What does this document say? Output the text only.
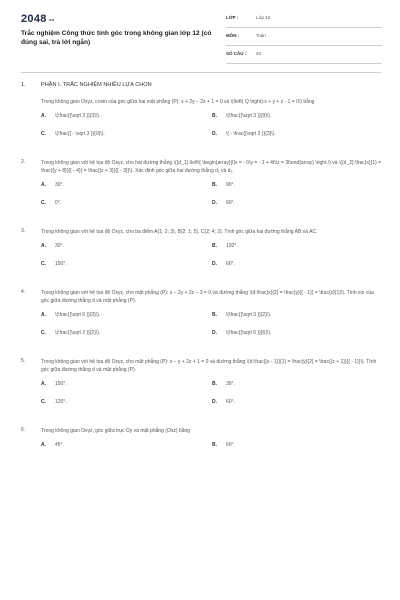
2048.vn
Trắc nghiệm Công thức tính góc trong không gian lớp 12 (có đúng sai, trả lời ngắn)
LỚP :	Lớp 12
MÔN :	Toán
SỐ CÂU : 20
1.	PHẦN I. TRẮC NGHIỆM NHIỀU LỰA CHỌN
Trong không gian Oxyz, cosin của góc giữa hai mặt phẳng (P): x + 2y − 2z + 1 = 0 và \(\left( Q \right):x + y + z - 1 = 0\) bằng
A. \(\frac{{\sqrt 3 }}{3}\).	B. \(\frac{{\sqrt 3 }}{9}\).
C. \(\frac{{ - \sqrt 3 }}{9}\).	D. \( - \frac{{\sqrt 3 }}{3}\).
2.	Trong không gian với hệ tọa độ Oxyz, cho hai đường thẳng \({d_1}:\left\{ \begin{array}{l}x = - t\\y = - 1 + 4t\\z = 3t\end{array} \right.\) và \({d_2}:\frac{x}{1} = \frac{{y + 8}}{{ - 4}} = \frac{{z + 3}}{{ - 3}}\). Xác định góc giữa hai đường thẳng d₁ và d₂.
A. 30°.	B. 90°.
C. 0°.	D. 60°.
3.	Trong không gian với hệ tọa độ Oxyz, cho ba điểm A(1; 2; 3), B(2; 1; 5), C(2; 4; 2). Tính góc giữa hai đường thẳng AB và AC.
A. 30°.	B. 120°.
C. 150°.	D. 60°.
4.	Trong không gian với hệ tọa độ Oxyz, cho mặt phẳng (P): x − 2y + 2z − 3 = 0 và đường thẳng \(d:\frac{x}{2} = \frac{y}{{ - 1}} = \frac{z}{1}\). Tính sin của góc giữa đường thẳng d và mặt phẳng (P).
A. \(\frac{{\sqrt 6 }}{3}\).	B. \(\frac{{\sqrt 3 }}{2}\).
C. \(\frac{{\sqrt 2 }}{2}\).	D. \(\frac{{\sqrt 6 }}{6}\).
5.	Trong không gian với hệ tọa độ Oxyz, cho mặt phẳng (P): x − y + 2z + 1 = 0 và đường thẳng \(d:\frac{{x - 1}}{1} = \frac{y}{2} = \frac{{z + 1}}{{ - 1}}\). Tính góc giữa đường thẳng d và mặt phẳng (P).
A. 150°.	B. 30°.
C. 120°.	D. 60°.
6.	Trong không gian Oxyz, góc giữa trục Oy và mặt phẳng (Oxz) bằng
A. 45°.	B. 60°.
